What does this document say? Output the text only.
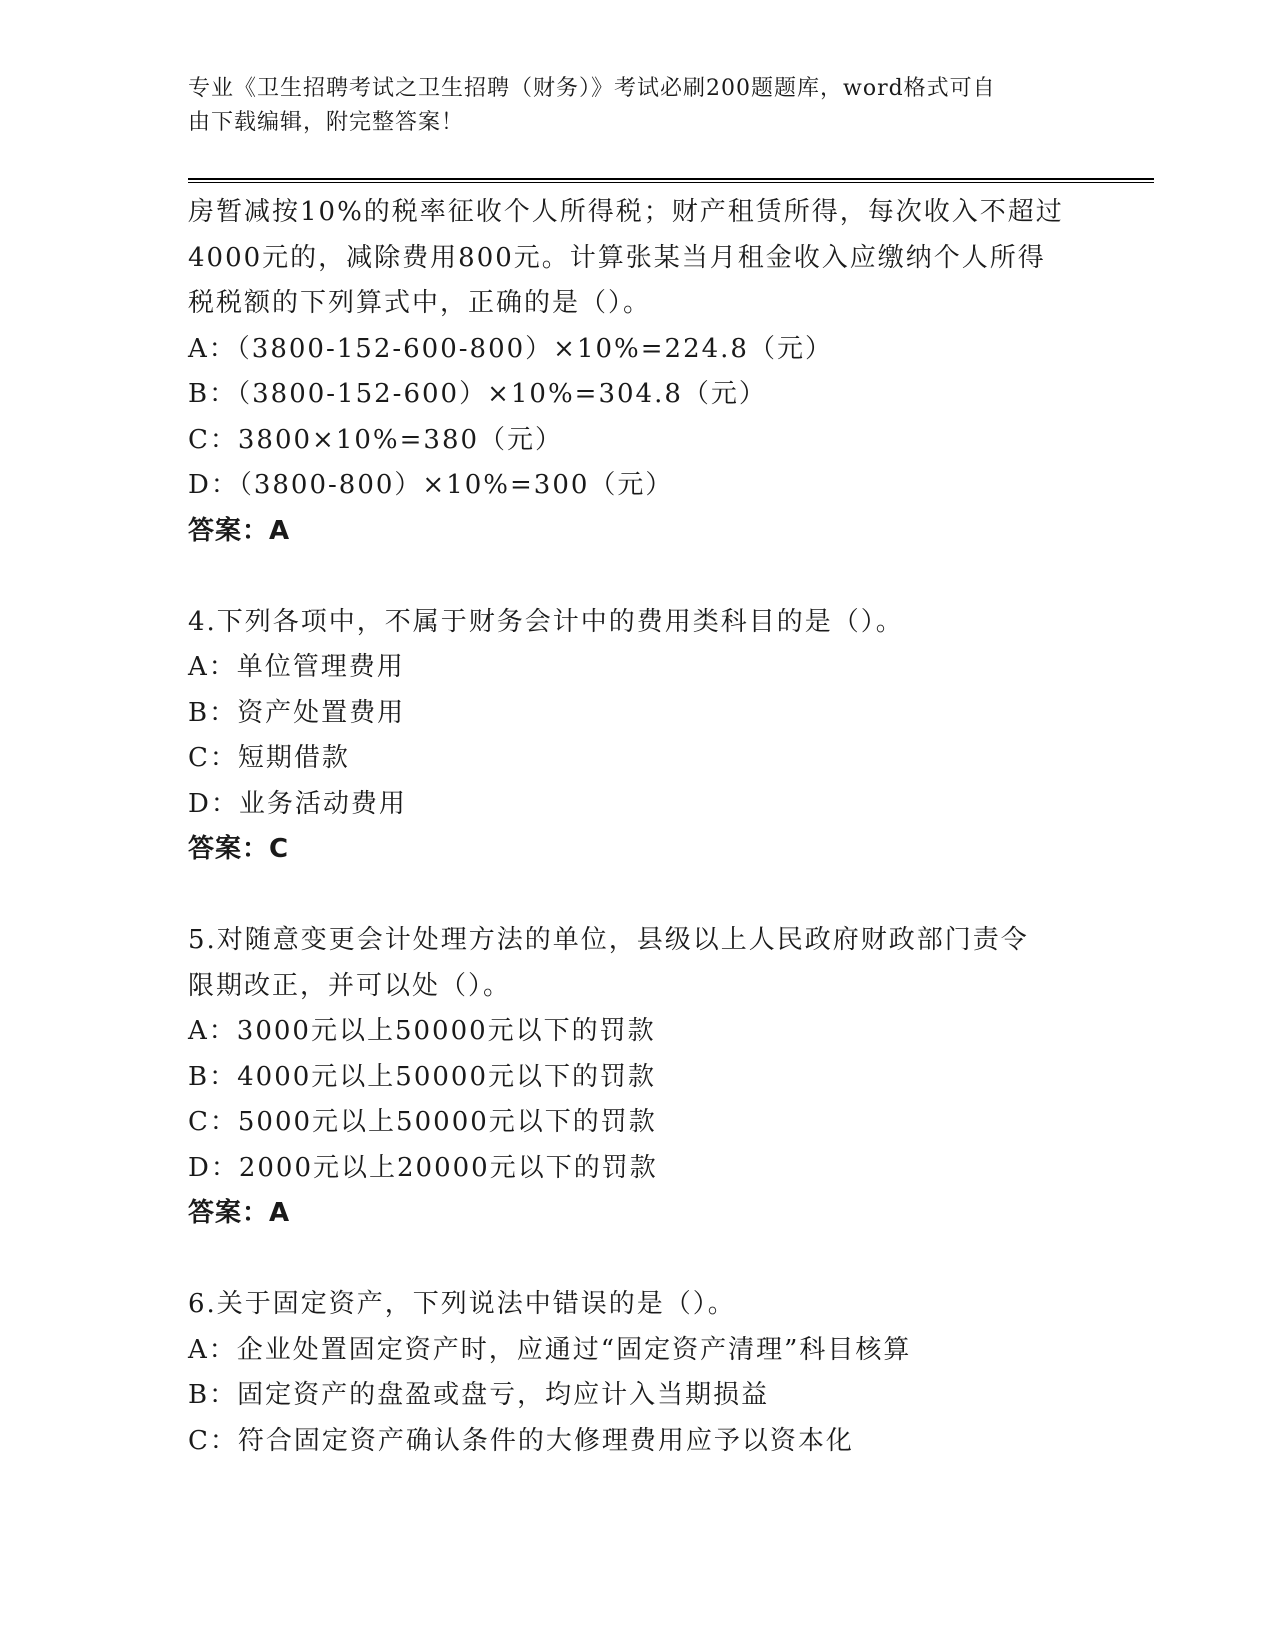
专业《卫生招聘考试之卫生招聘（财务）》考试必刷200题题库，word格式可自
由下载编辑，附完整答案！
房暂减按10%的税率征收个人所得税；财产租赁所得，每次收入不超过
4000元的，减除费用800元。计算张某当月租金收入应缴纳个人所得
税税额的下列算式中，正确的是（）。
A：（3800-152-600-800）×10%=224.8（元）
B：（3800-152-600）×10%=304.8（元）
C：3800×10%=380（元）
D：（3800-800）×10%=300（元）
答案：A
4.下列各项中，不属于财务会计中的费用类科目的是（）。
A：单位管理费用
B：资产处置费用
C：短期借款
D：业务活动费用
答案：C
5.对随意变更会计处理方法的单位，县级以上人民政府财政部门责令
限期改正，并可以处（）。
A：3000元以上50000元以下的罚款
B：4000元以上50000元以下的罚款
C：5000元以上50000元以下的罚款
D：2000元以上20000元以下的罚款
答案：A
6.关于固定资产，下列说法中错误的是（）。
A：企业处置固定资产时，应通过“固定资产清理”科目核算
B：固定资产的盘盈或盘亏，均应计入当期损益
C：符合固定资产确认条件的大修理费用应予以资本化
